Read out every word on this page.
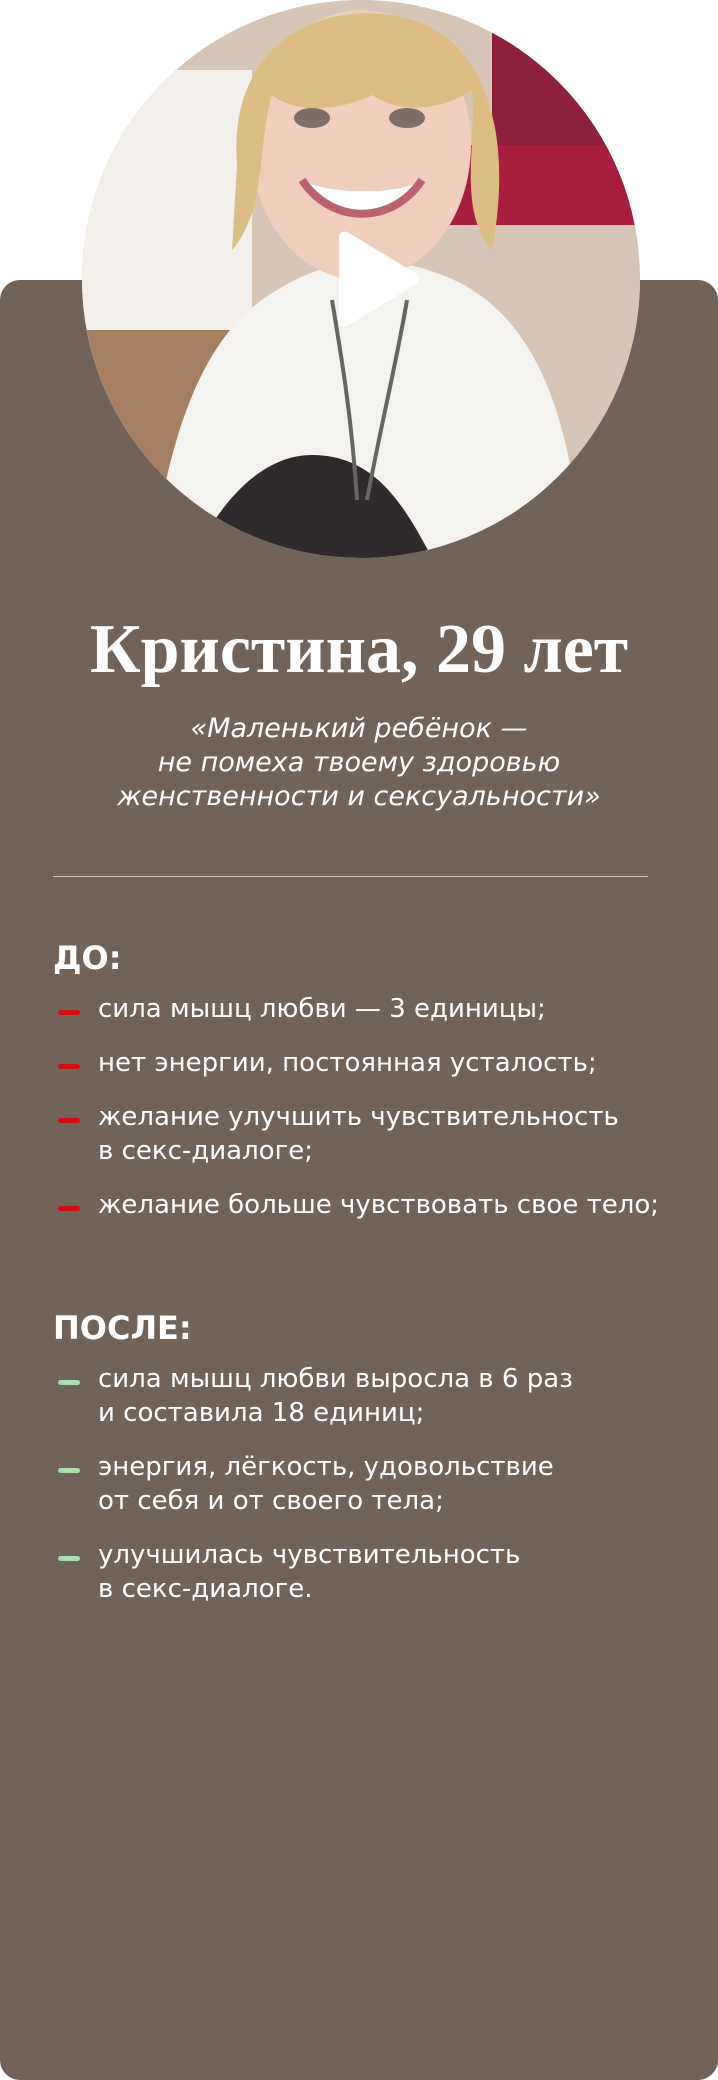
Кристина, 29 лет
«Маленький ребёнок —
не помеха твоему здоровью
женственности и сексуальности»
ДО:
сила мышц любви — 3 единицы;
нет энергии, постоянная усталость;
желание улучшить чувствительность
в секс-диалоге;
желание больше чувствовать свое тело;
ПОСЛЕ:
сила мышц любви выросла в 6 раз
и составила 18 единиц;
энергия, лёгкость, удовольствие
от себя и от своего тела;
улучшилась чувствительность
в секс-диалоге.
